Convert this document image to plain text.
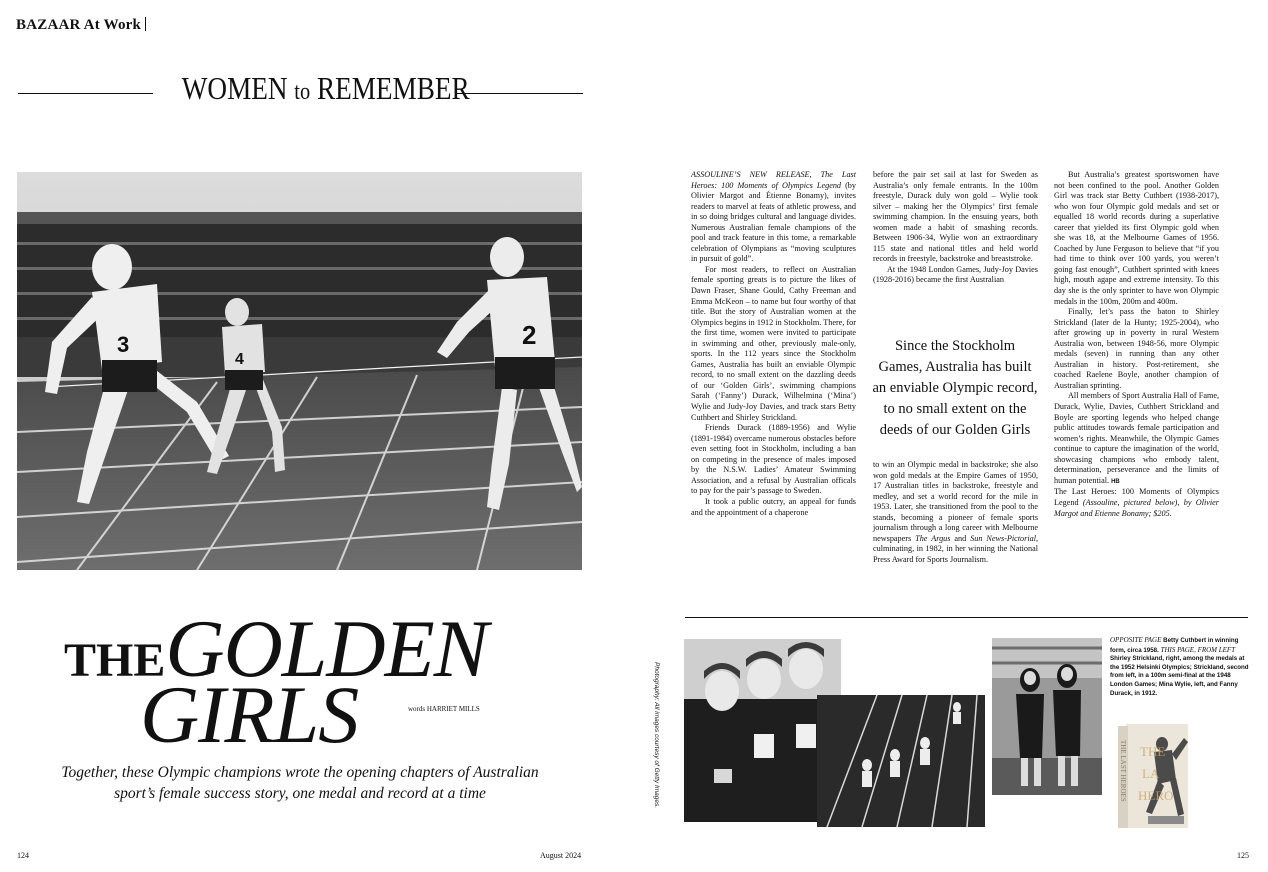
BAZAAR At Work
WOMEN to REMEMBER
3
4
2
THEGOLDEN
GIRLS	words HARRIET MILLS
Together, these Olympic champions wrote the opening chapters of Australian sport’s female success story, one medal and record at a time
124	August 2024	125

ASSOULINE’S NEW RELEASE, The Last Heroes: 100 Moments of Olympics Legend (by Olivier Margot and Étienne Bonamy), invites readers to marvel at feats of athletic prowess, and in so doing bridges cultural and language divides. Numerous Australian female champions of the pool and track feature in this tome, a remarkable celebration of Olympians as “moving sculptures in pursuit of gold”.

For most readers, to reflect on Australian female sporting greats is to picture the likes of Dawn Fraser, Shane Gould, Cathy Freeman and Emma McKeon – to name but four worthy of that title. But the story of Australian women at the Olympics begins in 1912 in Stockholm. There, for the first time, women were invited to participate in swimming and other, previously male-only, sports. In the 112 years since the Stockholm Games, Australia has built an enviable Olympic record, to no small extent on the dazzling deeds of our ‘Golden Girls’, swimming champions Sarah (‘Fanny’) Durack, Wilhelmina (‘Mina’) Wylie and Judy-Joy Davies, and track stars Betty Cuthbert and Shirley Strickland.

Friends Durack (1889-1956) and Wylie (1891-1984) overcame numerous obstacles before even setting foot in Stockholm, including a ban on competing in the presence of males imposed by the N.S.W. Ladies’ Amateur Swimming Association, and a refusal by Australian officals to pay for the pair’s passage to Sweden.

It took a public outcry, an appeal for funds and the appointment of a chaperone

before the pair set sail at last for Sweden as Australia’s only female entrants. In the 100m freestyle, Durack duly won gold – Wylie took silver – making her the Olympics’ first female swimming champion. In the ensuing years, both women made a habit of smashing records. Between 1906-34, Wylie won an extraordinary 115 state and national titles and held world records in freestyle, backstroke and breaststroke.

At the 1948 London Games, Judy-Joy Davies (1928-2016) became the first Australian

Since the Stockholm Games, Australia has built an enviable Olympic record, to no small extent on the deeds of our Golden Girls

to win an Olympic medal in backstroke; she also won gold medals at the Empire Games of 1950, 17 Australian titles in backstroke, freestyle and medley, and set a world record for the mile in 1953. Later, she transitioned from the pool to the stands, becoming a pioneer of female sports journalism through a long career with Melbourne newspapers The Argus and Sun News-Pictorial, culminating, in 1982, in her winning the National Press Award for Sports Journalism.

But Australia’s greatest sportswomen have not been confined to the pool. Another Golden Girl was track star Betty Cuthbert (1938-2017), who won four Olympic gold medals and set or equalled 18 world records during a superlative career that yielded its first Olympic gold when she was 18, at the Melbourne Games of 1956. Coached by June Ferguson to believe that “if you had time to think over 100 yards, you weren’t going fast enough”, Cuthbert sprinted with knees high, mouth agape and extreme intensity. To this day she is the only sprinter to have won Olympic medals in the 100m, 200m and 400m.

Finally, let’s pass the baton to Shirley Strickland (later de la Hunty; 1925-2004), who after growing up in poverty in rural Western Australia won, between 1948-56, more Olympic medals (seven) in running than any other Australian in history. Post-retirement, she coached Raelene Boyle, another champion of Australian sprinting.

All members of Sport Australia Hall of Fame, Durack, Wylie, Davies, Cuthbert Strickland and Boyle are sporting legends who helped change public attitudes towards female participation and women’s rights. Meanwhile, the Olympic Games continue to capture the imagination of the world, showcasing champions who embody talent, determination, perseverance and the limits of human potential. HB

The Last Heroes: 100 Moments of Olympics Legend (Assouline, pictured below), by Olivier Margot and Etienne Bonamy; $205.

Photography: All images courtesy of Getty Images.
OPPOSITE PAGE Betty Cuthbert in winning form, circa 1958. THIS PAGE, FROM LEFT Shirley Strickland, right, among the medals at the 1952 Helsinki Olympics; Strickland, second from left, in a 100m semi-final at the 1948 London Games; Mina Wylie, left, and Fanny Durack, in 1912.
THE LAST HEROES THE
LA
HERO
